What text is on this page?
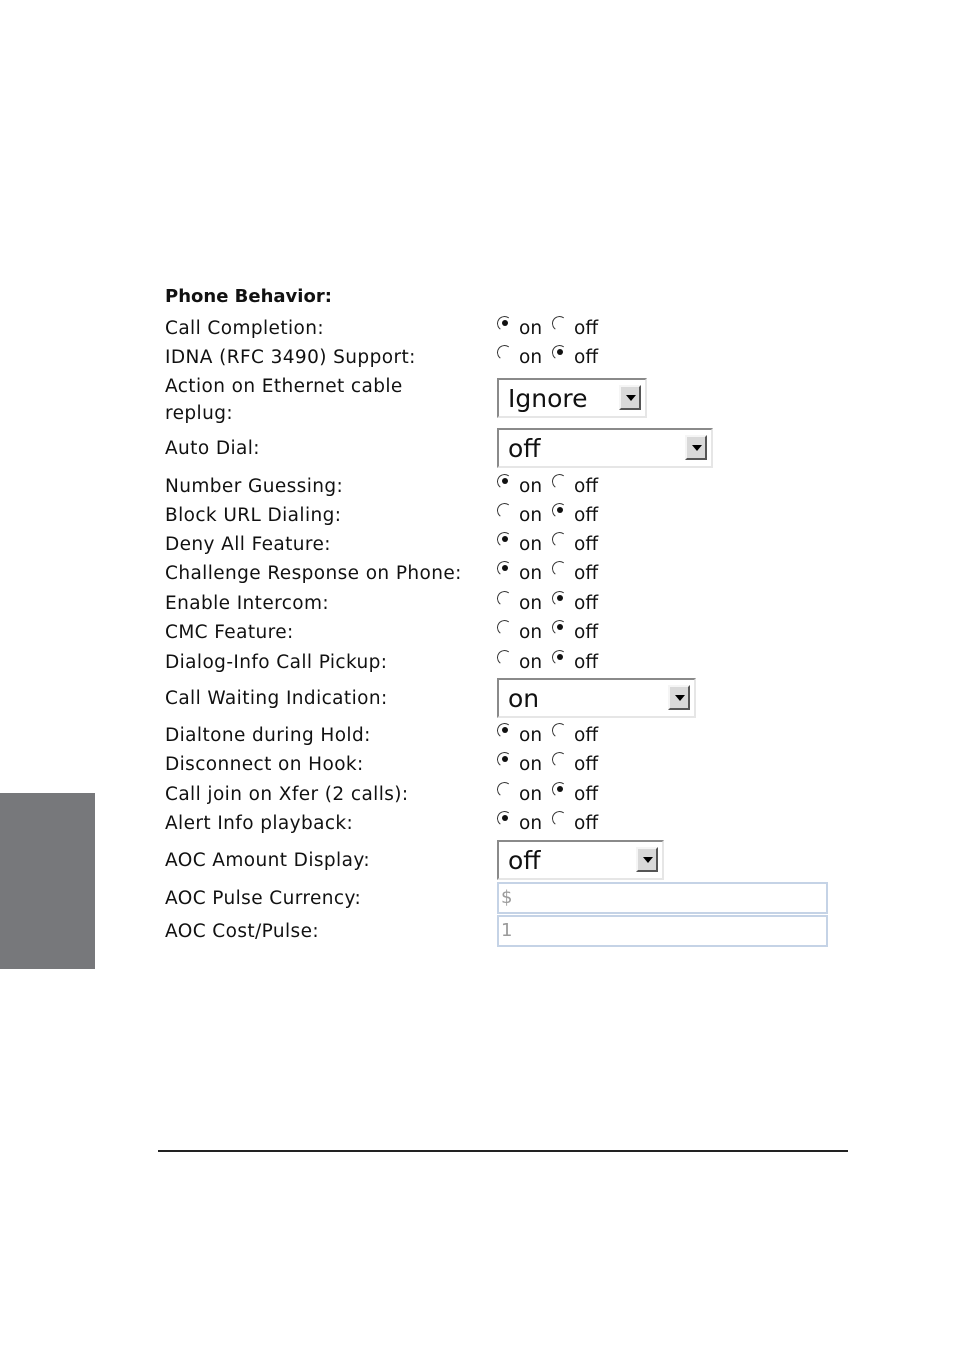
Phone Behavior:
Call Completion:	on off
IDNA (RFC 3490) Support:	on off
Action on Ethernet cable replug:
Ignore
Auto Dial:	off
Number Guessing:	on off
Block URL Dialing:	on off
Deny All Feature:	on off
Challenge Response on Phone:	on off
Enable Intercom:	on off
CMC Feature:	on off
Dialog-Info Call Pickup:	on off
Call Waiting Indication:	on
Dialtone during Hold:	on off
Disconnect on Hook:	on off
Call join on Xfer (2 calls):	on off
Alert Info playback:	on off
AOC Amount Display:	off
AOC Pulse Currency:	$
AOC Cost/Pulse:	1
